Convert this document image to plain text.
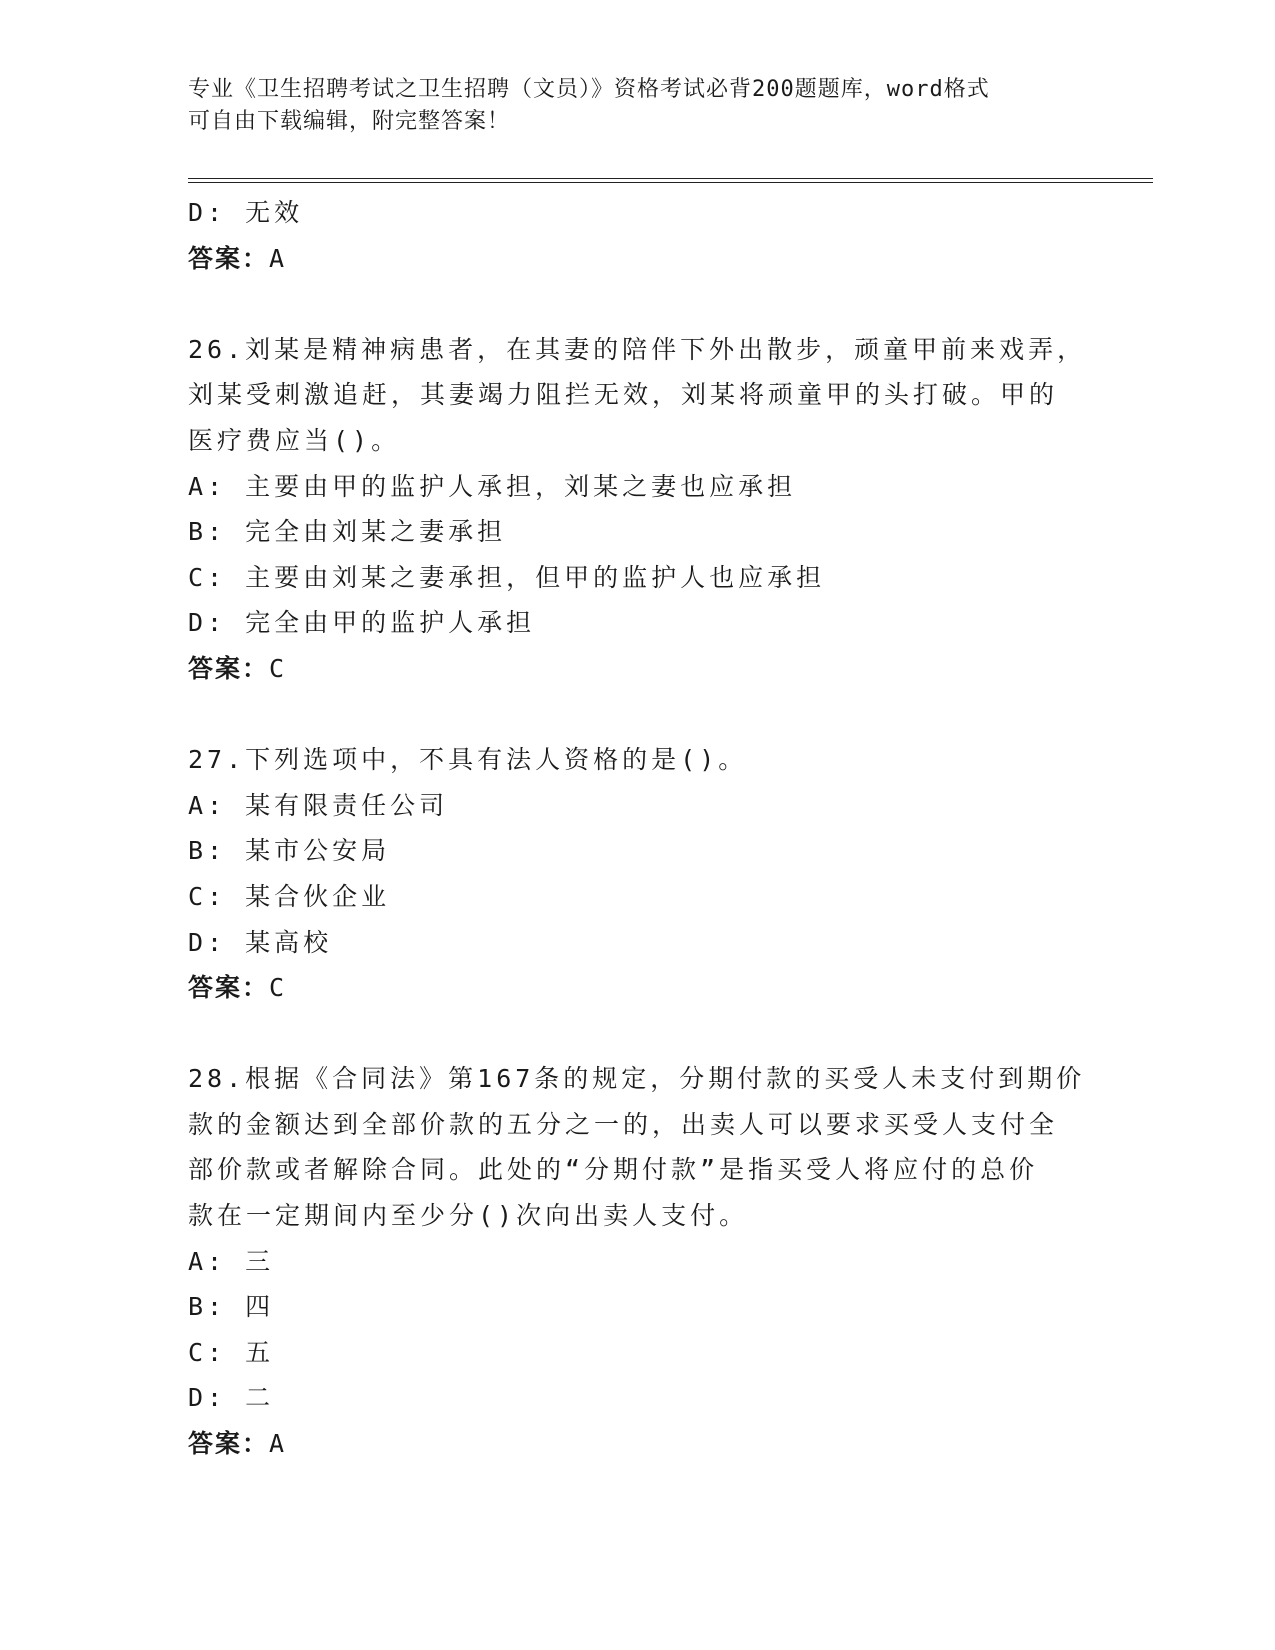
专业《卫生招聘考试之卫生招聘（文员）》资格考试必背200题题库，word格式
可自由下载编辑，附完整答案！
D: 无效
答案：A
26.刘某是精神病患者，在其妻的陪伴下外出散步，顽童甲前来戏弄，
刘某受刺激追赶，其妻竭力阻拦无效，刘某将顽童甲的头打破。甲的
医疗费应当()。
A: 主要由甲的监护人承担，刘某之妻也应承担
B: 完全由刘某之妻承担
C: 主要由刘某之妻承担，但甲的监护人也应承担
D: 完全由甲的监护人承担
答案：C
27.下列选项中，不具有法人资格的是()。
A: 某有限责任公司
B: 某市公安局
C: 某合伙企业
D: 某高校
答案：C
28.根据《合同法》第167条的规定，分期付款的买受人未支付到期价
款的金额达到全部价款的五分之一的，出卖人可以要求买受人支付全
部价款或者解除合同。此处的“分期付款”是指买受人将应付的总价
款在一定期间内至少分()次向出卖人支付。
A: 三
B: 四
C: 五
D: 二
答案：A
